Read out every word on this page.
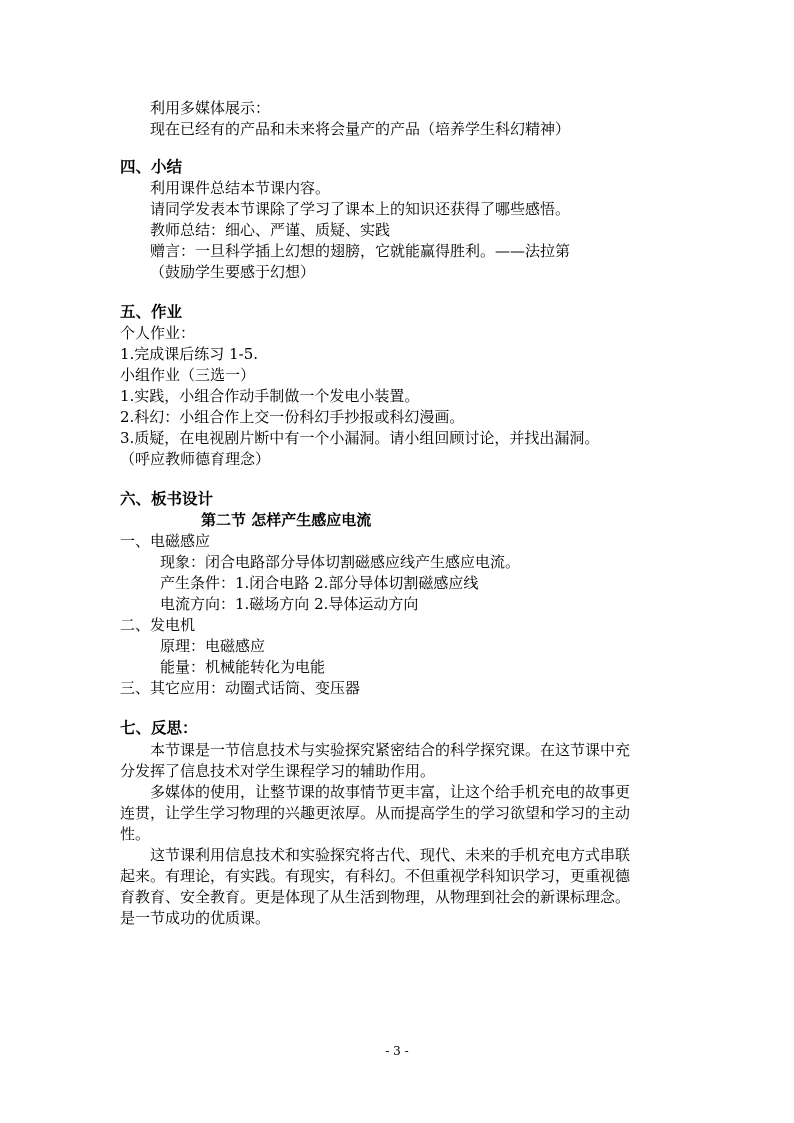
利用多媒体展示：

现在已经有的产品和未来将会量产的产品（培养学生科幻精神）

四、小结

利用课件总结本节课内容。

请同学发表本节课除了学习了课本上的知识还获得了哪些感悟。

教师总结：细心、严谨、质疑、实践

赠言：一旦科学插上幻想的翅膀，它就能赢得胜利。——法拉第

（鼓励学生要感于幻想）

五、作业

个人作业：

1.完成课后练习 1-5.

小组作业（三选一）

1.实践，小组合作动手制做一个发电小装置。

2.科幻：小组合作上交一份科幻手抄报或科幻漫画。

3.质疑，在电视剧片断中有一个小漏洞。请小组回顾讨论，并找出漏洞。

（呼应教师德育理念）

六、板书设计

第二节 怎样产生感应电流

一、电磁感应

现象：闭合电路部分导体切割磁感应线产生感应电流。

产生条件：1.闭合电路 2.部分导体切割磁感应线

电流方向：1.磁场方向 2.导体运动方向

二、发电机

原理：电磁感应

能量：机械能转化为电能

三、其它应用：动圈式话筒、变压器

七、反思：

本节课是一节信息技术与实验探究紧密结合的科学探究课。在这节课中充

分发挥了信息技术对学生课程学习的辅助作用。

多媒体的使用，让整节课的故事情节更丰富，让这个给手机充电的故事更

连贯，让学生学习物理的兴趣更浓厚。从而提高学生的学习欲望和学习的主动

性。

这节课利用信息技术和实验探究将古代、现代、未来的手机充电方式串联

起来。有理论，有实践。有现实，有科幻。不但重视学科知识学习，更重视德

育教育、安全教育。更是体现了从生活到物理，从物理到社会的新课标理念。

是一节成功的优质课。

- 3 -
